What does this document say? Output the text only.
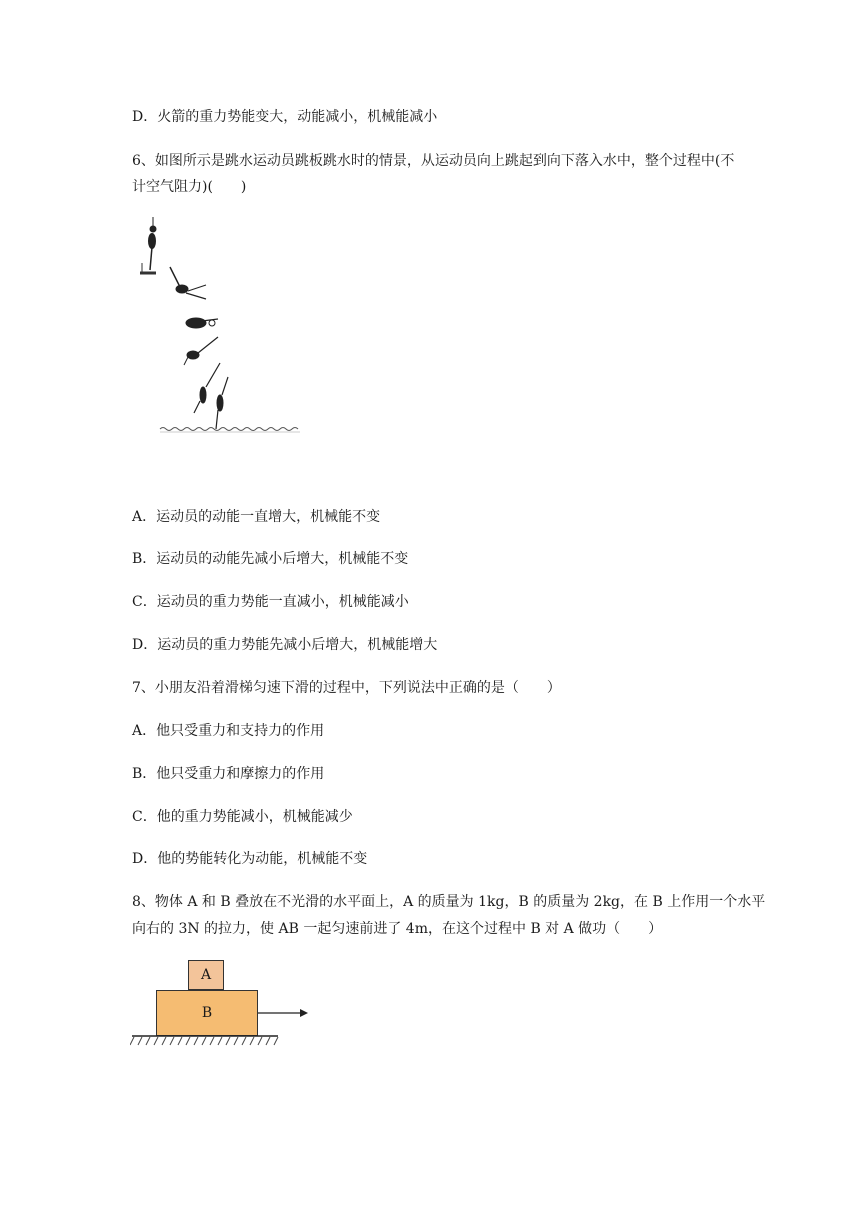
D．火箭的重力势能变大，动能减小，机械能减小
6、如图所示是跳水运动员跳板跳水时的情景，从运动员向上跳起到向下落入水中，整个过程中(不
计空气阻力)(　　)
A．运动员的动能一直增大，机械能不变
B．运动员的动能先减小后增大，机械能不变
C．运动员的重力势能一直减小，机械能减小
D．运动员的重力势能先减小后增大，机械能增大
7、小朋友沿着滑梯匀速下滑的过程中，下列说法中正确的是（　　）
A．他只受重力和支持力的作用
B．他只受重力和摩擦力的作用
C．他的重力势能减小，机械能减少
D．他的势能转化为动能，机械能不变
8、物体 A 和 B 叠放在不光滑的水平面上，A 的质量为 1kg，B 的质量为 2kg，在 B 上作用一个水平
向右的 3N 的拉力，使 AB 一起匀速前进了 4m，在这个过程中 B 对 A 做功（　　）
A
B
